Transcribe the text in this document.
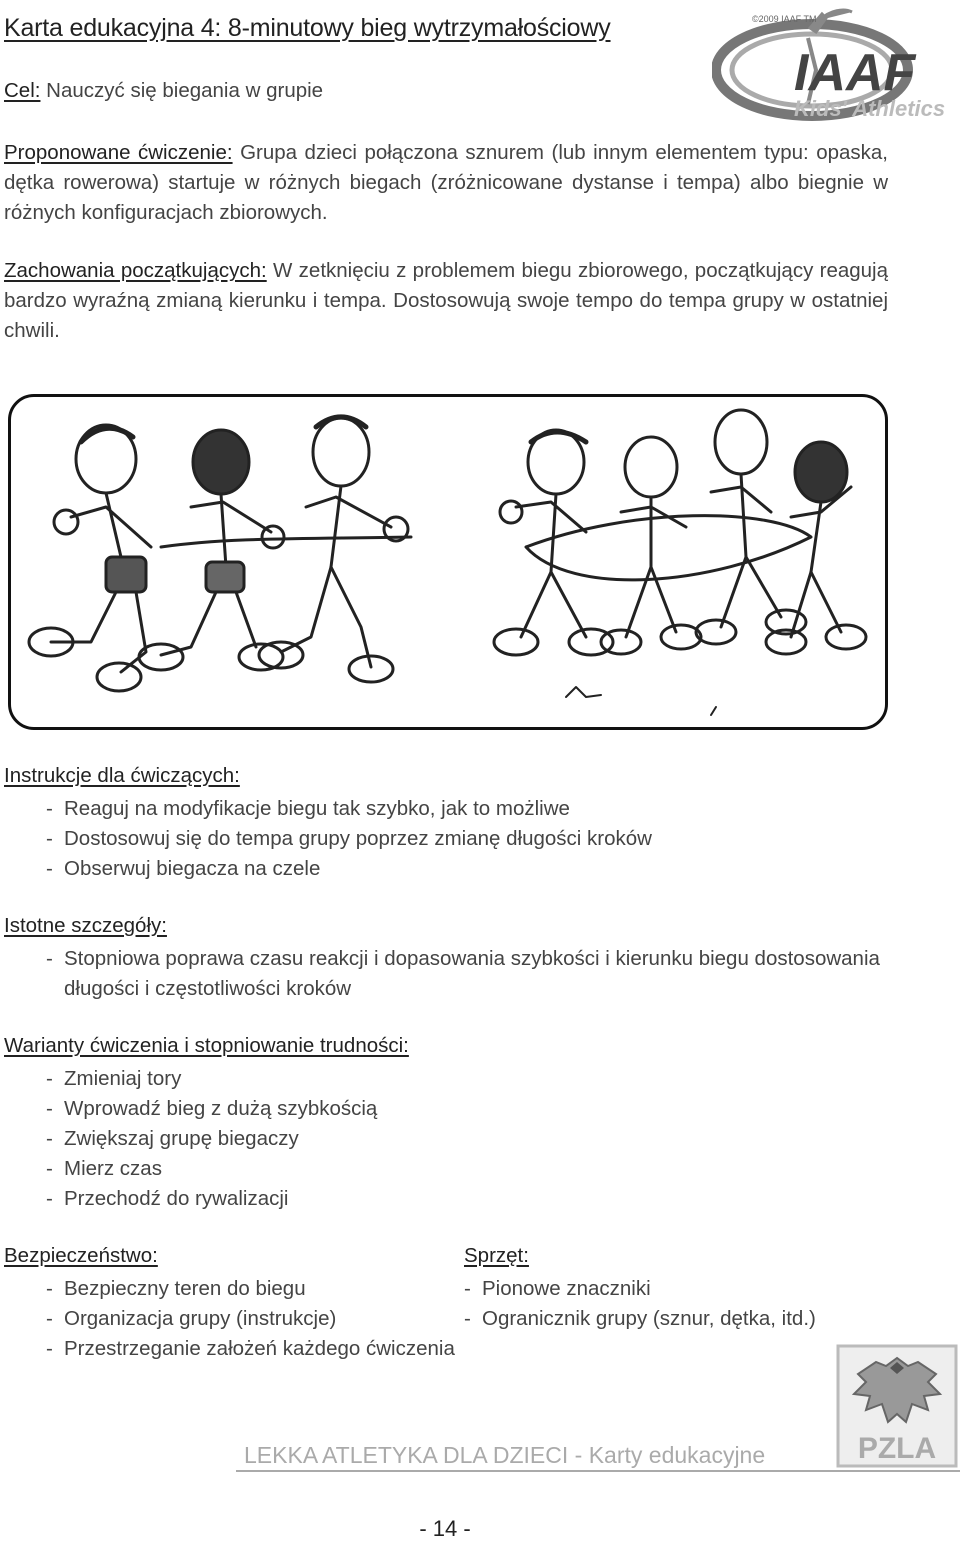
Karta edukacyjna 4: 8-minutowy bieg wytrzymałościowy	©2009 IAAF TM
IAAF
Kids' Athletics

Cel: Nauczyć się biegania w grupie

Proponowane ćwiczenie: Grupa dzieci połączona sznurem (lub innym elementem typu: opaska, dętka rowerowa) startuje w różnych biegach (zróżnicowane dystanse i tempa) albo biegnie w różnych konfiguracjach zbiorowych.

Zachowania początkujących: W zetknięciu z problemem biegu zbiorowego, początkujący reagują bardzo wyraźną zmianą kierunku i tempa. Dostosowują swoje tempo do tempa grupy w ostatniej chwili.

Instrukcje dla ćwiczących:
- Reaguj na modyfikacje biegu tak szybko, jak to możliwe
- Dostosowuj się do tempa grupy poprzez zmianę długości kroków
- Obserwuj biegacza na czele
Istotne szczegóły:
- Stopniowa poprawa czasu reakcji i dopasowania szybkości i kierunku biegu dostosowania długości i częstotliwości kroków
Warianty ćwiczenia i stopniowanie trudności:
- Zmieniaj tory
- Wprowadź bieg z dużą szybkością
- Zwiększaj grupę biegaczy
- Mierz czas
- Przechodź do rywalizacji
Bezpieczeństwo:
- Bezpieczny teren do biegu
- Organizacja grupy (instrukcje)
- Przestrzeganie założeń każdego ćwiczenia
Sprzęt:
- Pionowe znaczniki
- Ogranicznik grupy (sznur, dętka, itd.)
PZLA
LEKKA ATLETYKA DLA DZIECI - Karty edukacyjne
- 14 -
